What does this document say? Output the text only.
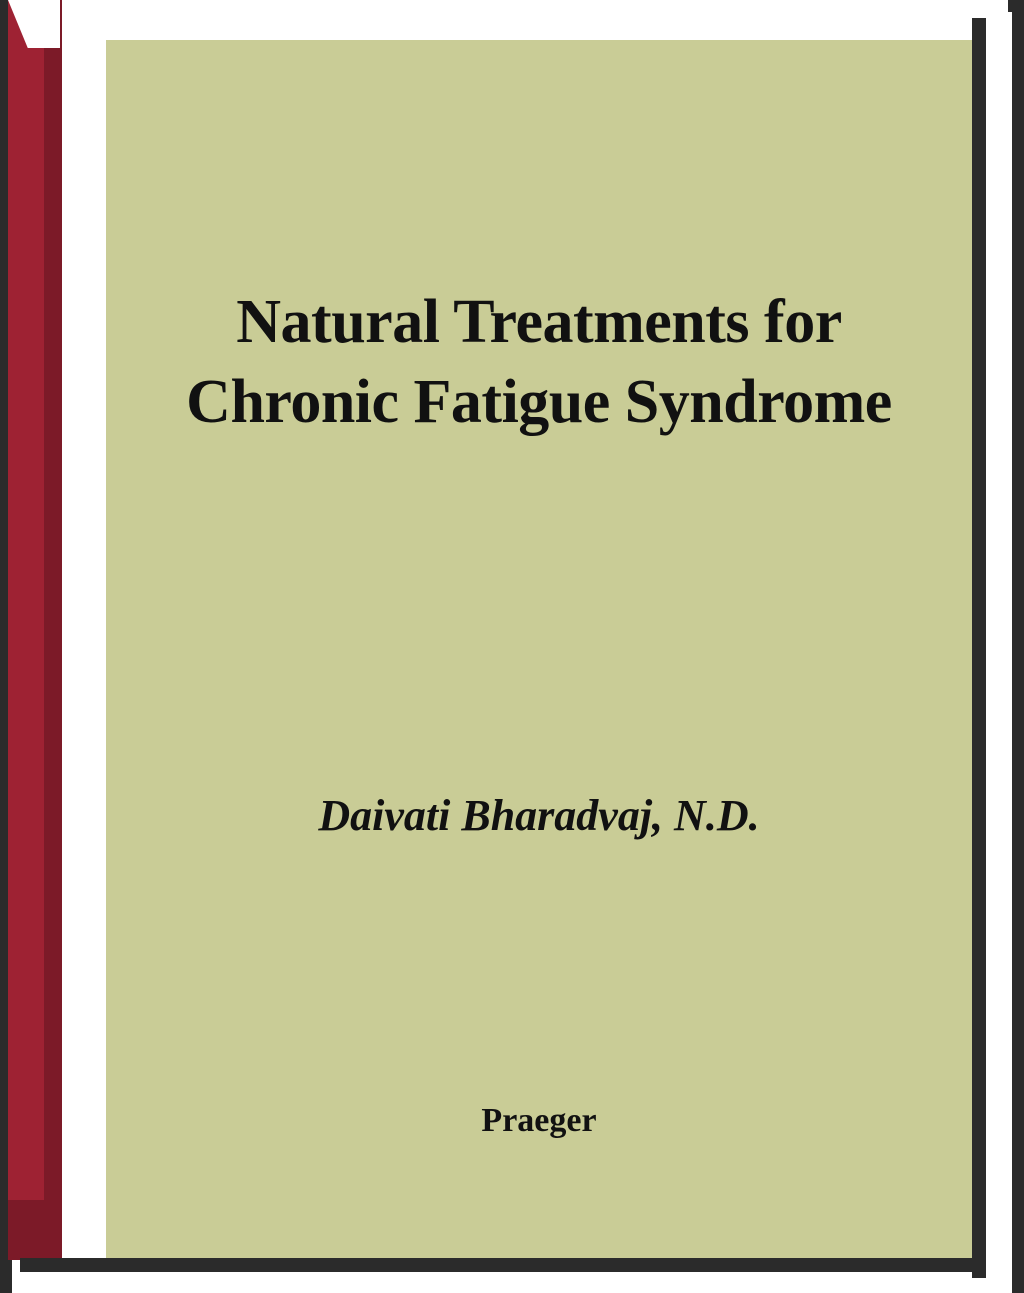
Natural Treatments for
Chronic Fatigue Syndrome
Daivati Bharadvaj, N.D.
Praeger
